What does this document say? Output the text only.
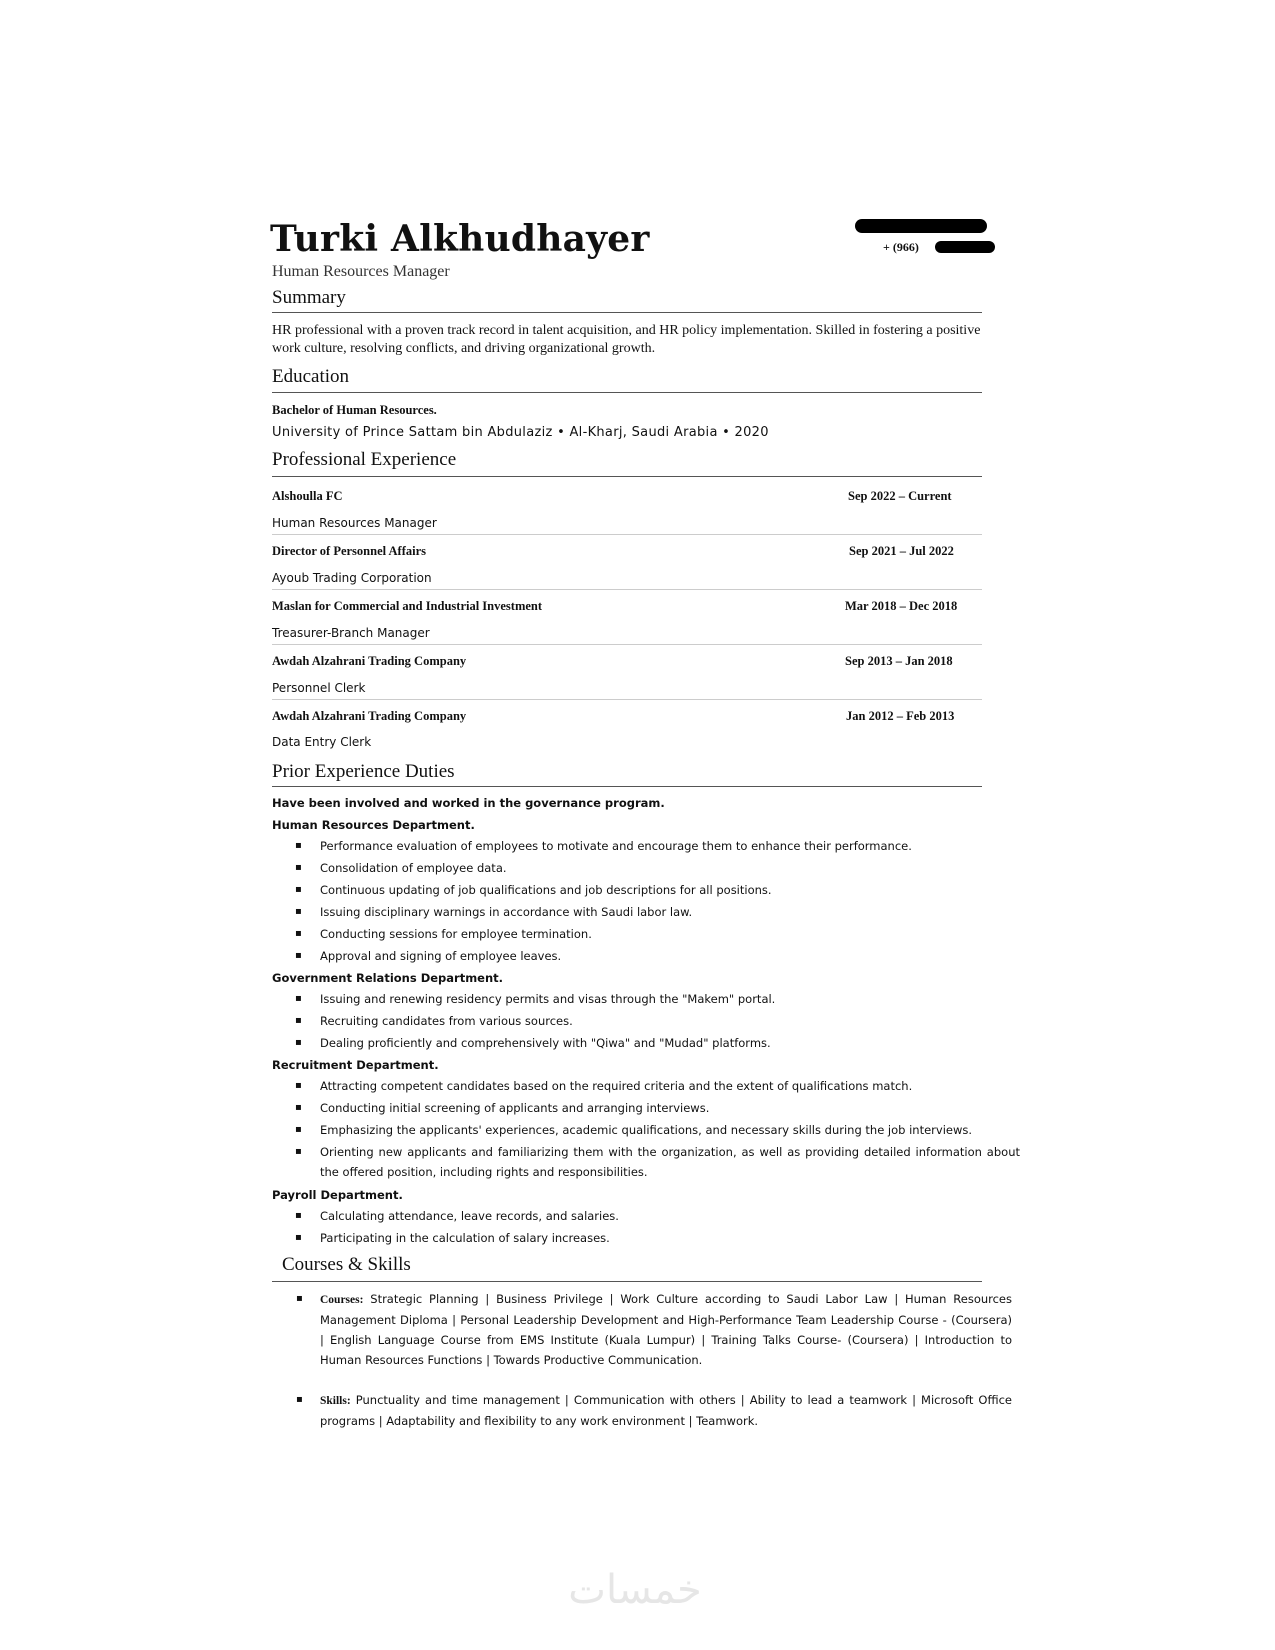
Turki Alkhudhayer
Human Resources Manager
+ (966)
Summary
HR professional with a proven track record in talent acquisition, and HR policy implementation. Skilled in fostering a positive work culture, resolving conflicts, and driving organizational growth.
Education
Bachelor of Human Resources.
University of Prince Sattam bin Abdulaziz • Al-Kharj, Saudi Arabia • 2020
Professional Experience
Alshoulla FC	Sep 2022 – Current
Human Resources Manager
Director of Personnel Affairs	Sep 2021 – Jul 2022
Ayoub Trading Corporation
Maslan for Commercial and Industrial Investment	Mar 2018 – Dec 2018
Treasurer-Branch Manager
Awdah Alzahrani Trading Company	Sep 2013 – Jan 2018
Personnel Clerk
Awdah Alzahrani Trading Company	Jan 2012 – Feb 2013
Data Entry Clerk
Prior Experience Duties
Have been involved and worked in the governance program.
Human Resources Department.
▪ Performance evaluation of employees to motivate and encourage them to enhance their performance.
▪ Consolidation of employee data.
▪ Continuous updating of job qualifications and job descriptions for all positions.
▪ Issuing disciplinary warnings in accordance with Saudi labor law.
▪ Conducting sessions for employee termination.
▪ Approval and signing of employee leaves.
Government Relations Department.
▪ Issuing and renewing residency permits and visas through the "Makem" portal.
▪ Recruiting candidates from various sources.
▪ Dealing proficiently and comprehensively with "Qiwa" and "Mudad" platforms.
Recruitment Department.
▪ Attracting competent candidates based on the required criteria and the extent of qualifications match.
▪ Conducting initial screening of applicants and arranging interviews.
▪ Emphasizing the applicants' experiences, academic qualifications, and necessary skills during the job interviews.
▪ Orienting new applicants and familiarizing them with the organization, as well as providing detailed information about the offered position, including rights and responsibilities.
Payroll Department.
▪ Calculating attendance, leave records, and salaries.
▪ Participating in the calculation of salary increases.
Courses & Skills
▪ Courses: Strategic Planning | Business Privilege | Work Culture according to Saudi Labor Law | Human Resources Management Diploma | Personal Leadership Development and High-Performance Team Leadership Course - (Coursera) | English Language Course from EMS Institute (Kuala Lumpur) | Training Talks Course- (Coursera) | Introduction to Human Resources Functions | Towards Productive Communication.
▪ Skills: Punctuality and time management | Communication with others | Ability to lead a teamwork | Microsoft Office programs | Adaptability and flexibility to any work environment | Teamwork.
خمسات
